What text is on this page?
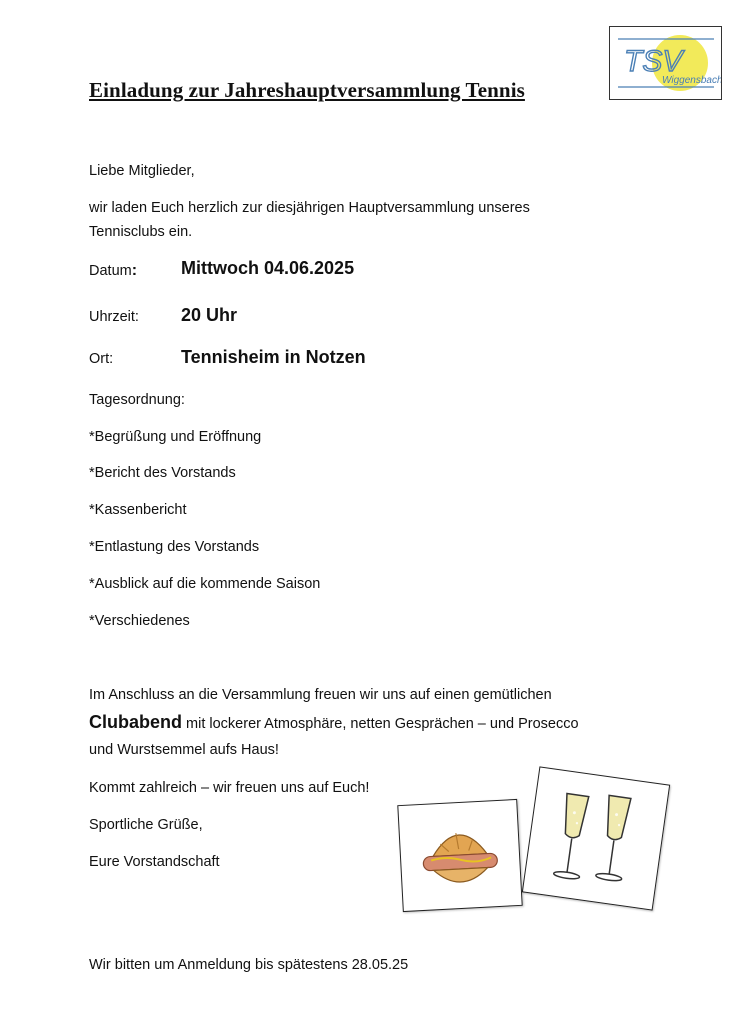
Einladung zur Jahreshauptversammlung Tennis
TSV
Wiggensbach
Liebe Mitglieder,
wir laden Euch herzlich zur diesjährigen Hauptversammlung unseres
Tennisclubs ein.
Datum: Mittwoch 04.06.2025
Uhrzeit: 20 Uhr
Ort:	Tennisheim in Notzen
Tagesordnung:
*Begrüßung und Eröffnung
*Bericht des Vorstands
*Kassenbericht
*Entlastung des Vorstands
*Ausblick auf die kommende Saison
*Verschiedenes
Im Anschluss an die Versammlung freuen wir uns auf einen gemütlichen
Clubabend mit lockerer Atmosphäre, netten Gesprächen – und Prosecco
und Wurstsemmel aufs Haus!
Kommt zahlreich – wir freuen uns auf Euch!
Sportliche Grüße,
Eure Vorstandschaft
Wir bitten um Anmeldung bis spätestens 28.05.25
